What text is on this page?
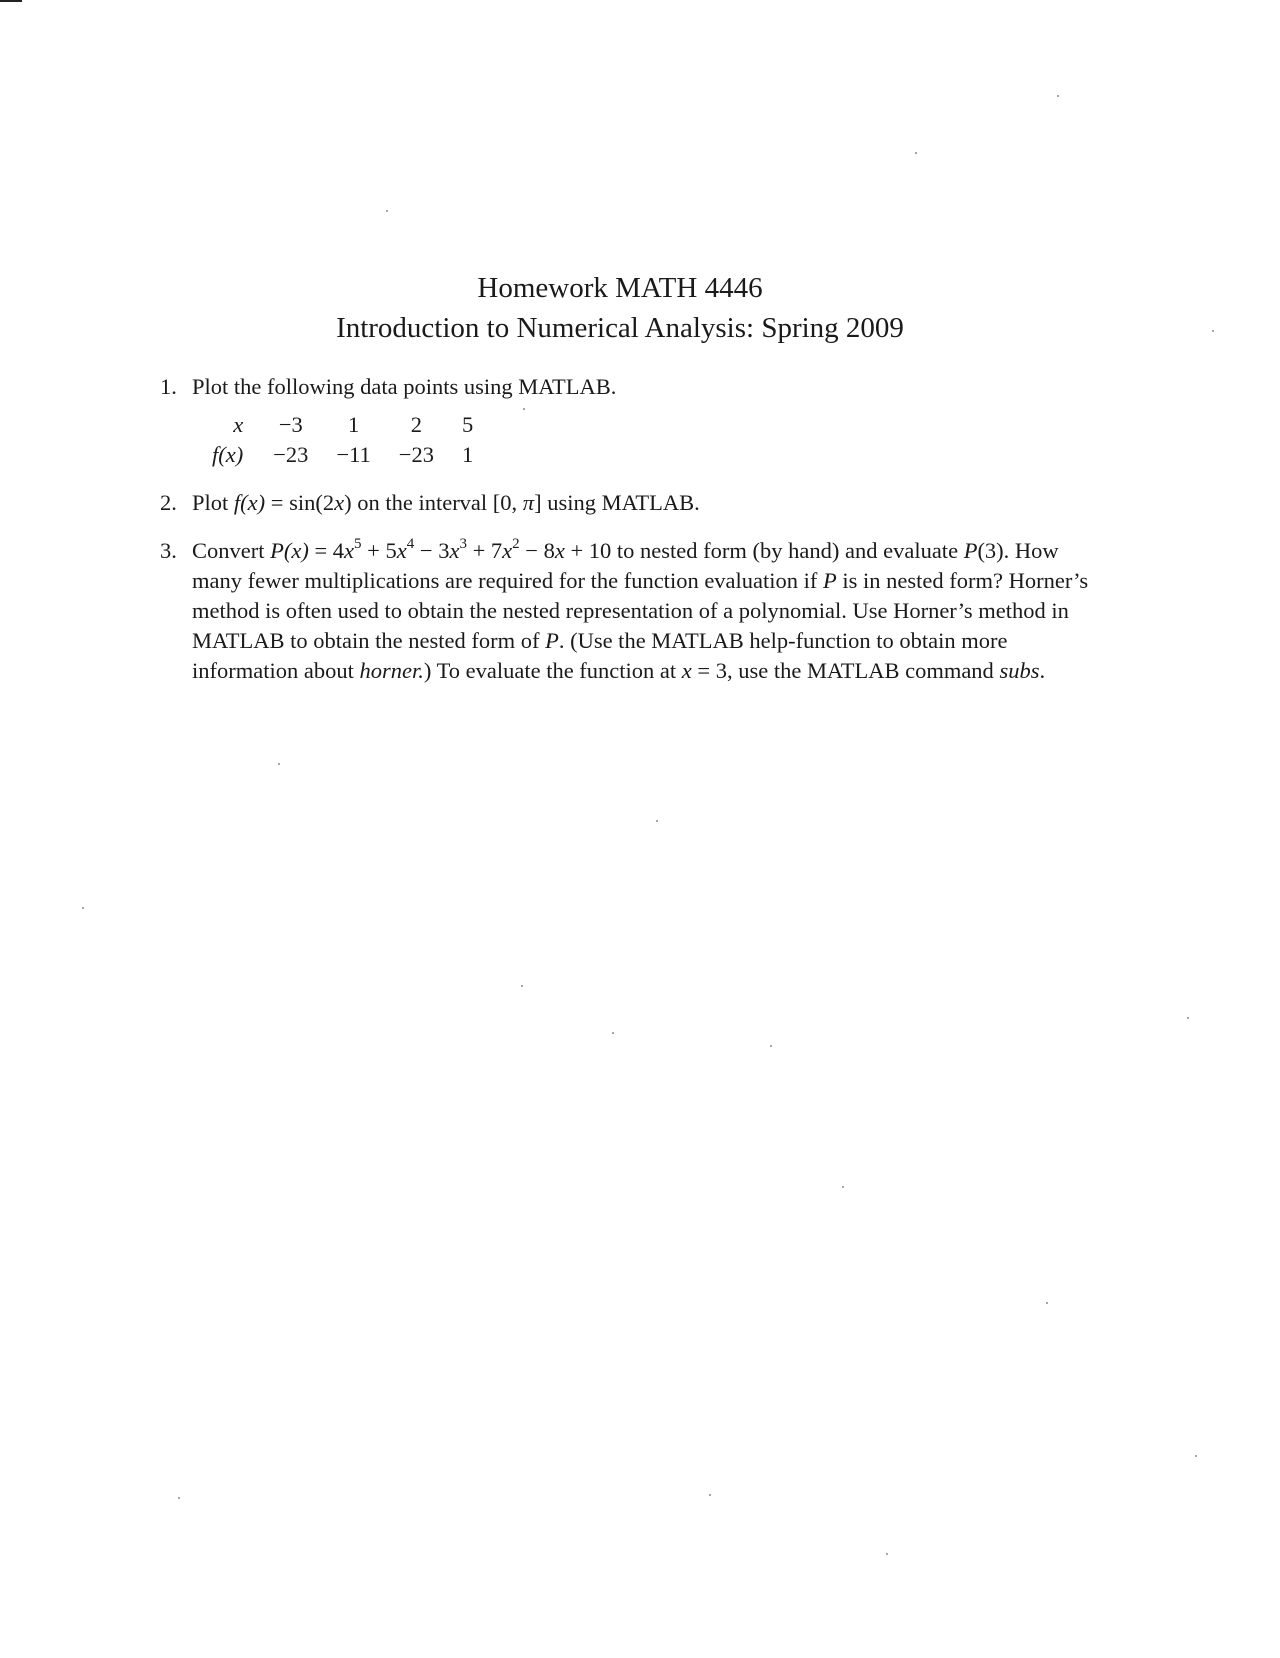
Homework MATH 4446
Introduction to Numerical Analysis: Spring 2009
1. Plot the following data points using MATLAB.
x	−3	1	2	5
f(x)	−23	−11	−23	1
2. Plot f(x) = sin(2x) on the interval [0, π] using MATLAB.
3. Convert $P(x) = 4x^5 + 5x^4 - 3x^3 + 7x^2 - 8x + 10$ to nested form (by hand) and evaluate P(3). How many fewer multiplications are required for the function evaluation if P is in nested form? Horner’s method is often used to obtain the nested representation of a polynomial. Use Horner’s method in MATLAB to obtain the nested form of P. (Use the MATLAB help-function to obtain more information about horner.) To evaluate the function at x = 3, use the MATLAB command subs.
